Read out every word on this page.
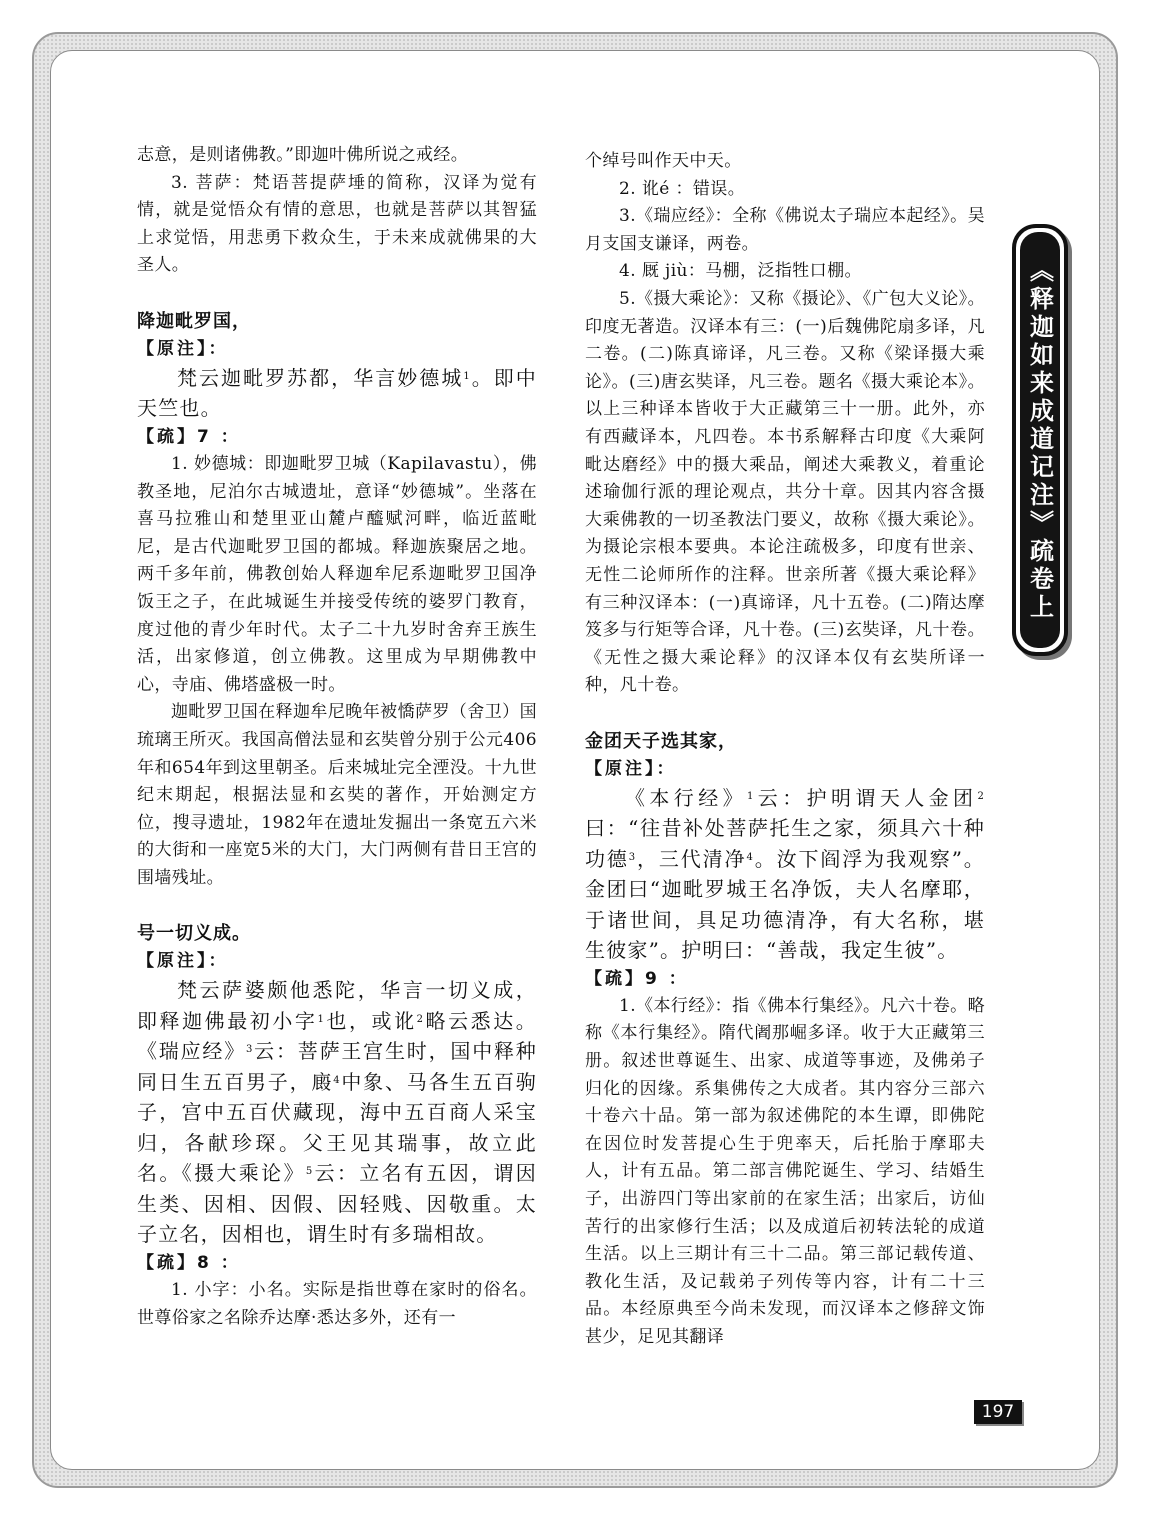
志意，是则诸佛教。”即迦叶佛所说之戒经。

3. 菩萨：梵语菩提萨埵的简称，汉译为觉有情，就是觉悟众有情的意思，也就是菩萨以其智猛上求觉悟，用悲勇下救众生，于未来成就佛果的大圣人。

降迦毗罗国，
【原注】：

梵云迦毗罗苏都，华言妙德城$^1$。即中天竺也。

【疏】7 ：

1. 妙德城：即迦毗罗卫城（Kapilavastu），佛教圣地，尼泊尔古城遗址，意译“妙德城”。坐落在喜马拉雅山和楚里亚山麓卢醯赋河畔，临近蓝毗尼，是古代迦毗罗卫国的都城。释迦族聚居之地。两千多年前，佛教创始人释迦牟尼系迦毗罗卫国净饭王之子，在此城诞生并接受传统的婆罗门教育，度过他的青少年时代。太子二十九岁时舍弃王族生活，出家修道，创立佛教。这里成为早期佛教中心，寺庙、佛塔盛极一时。

迦毗罗卫国在释迦牟尼晚年被憍萨罗（舍卫）国琉璃王所灭。我国高僧法显和玄奘曾分别于公元406年和654年到这里朝圣。后来城址完全湮没。十九世纪末期起，根据法显和玄奘的著作，开始测定方位，搜寻遗址，1982年在遗址发掘出一条宽五六米的大街和一座宽5米的大门，大门两侧有昔日王宫的围墙残址。

号一切义成。
【原注】：

梵云萨婆颇他悉陀，华言一切义成，即释迦佛最初小字$^1$也，或讹$^2$略云悉达。《瑞应经》$^3$云：菩萨王宫生时，国中释种同日生五百男子，廄$^4$中象、马各生五百驹子，宫中五百伏藏现，海中五百商人采宝归，各献珍琛。父王见其瑞事，故立此名。《摄大乘论》$^5$云：立名有五因，谓因生类、因相、因假、因轻贱、因敬重。太子立名，因相也，谓生时有多瑞相故。

【疏】8 ：

1. 小字：小名。实际是指世尊在家时的俗名。世尊俗家之名除乔达摩·悉达多外，还有一

个绰号叫作天中天。

2. 讹é ：错误。

3.《瑞应经》：全称《佛说太子瑞应本起经》。吴月支国支谦译，两卷。

4. 厩 jiù：马棚，泛指牲口棚。

5.《摄大乘论》：又称《摄论》、《广包大义论》。印度无著造。汉译本有三：(一)后魏佛陀扇多译，凡二卷。(二)陈真谛译，凡三卷。又称《梁译摄大乘论》。(三)唐玄奘译，凡三卷。题名《摄大乘论本》。以上三种译本皆收于大正藏第三十一册。此外，亦有西藏译本，凡四卷。本书系解释古印度《大乘阿毗达磨经》中的摄大乘品，阐述大乘教义，着重论述瑜伽行派的理论观点，共分十章。因其内容含摄大乘佛教的一切圣教法门要义，故称《摄大乘论》。为摄论宗根本要典。本论注疏极多，印度有世亲、无性二论师所作的注释。世亲所著《摄大乘论释》有三种汉译本：(一)真谛译，凡十五卷。(二)隋达摩笈多与行矩等合译，凡十卷。(三)玄奘译，凡十卷。《无性之摄大乘论释》的汉译本仅有玄奘所译一种，凡十卷。

金团天子选其家，
【原注】：

《本行经》$^1$云：护明谓天人金团$^2$曰：“往昔补处菩萨托生之家，须具六十种功德$^3$，三代清净$^4$。汝下阎浮为我观察”。金团曰“迦毗罗城王名净饭，夫人名摩耶，于诸世间，具足功德清净，有大名称，堪生彼家”。护明曰：“善哉，我定生彼”。

【疏】9 ：

1.《本行经》：指《佛本行集经》。凡六十卷。略称《本行集经》。隋代阇那崛多译。收于大正藏第三册。叙述世尊诞生、出家、成道等事迹，及佛弟子归化的因缘。系集佛传之大成者。其内容分三部六十卷六十品。第一部为叙述佛陀的本生谭，即佛陀在因位时发菩提心生于兜率天，后托胎于摩耶夫人，计有五品。第二部言佛陀诞生、学习、结婚生子，出游四门等出家前的在家生活；出家后，访仙苦行的出家修行生活；以及成道后初转法轮的成道生活。以上三期计有三十二品。第三部记载传道、教化生活，及记载弟子列传等内容，计有二十三品。本经原典至今尚未发现，而汉译本之修辞文饰甚少，足见其翻译

《释迦如来成道记注》疏卷上
197
